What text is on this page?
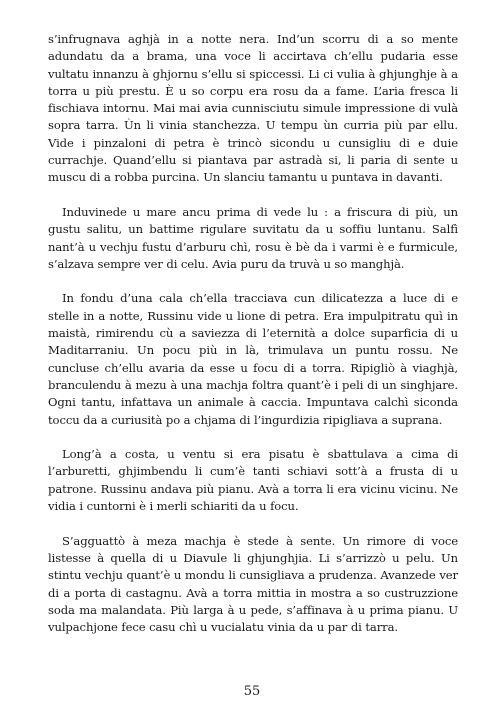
s’infrugnava aghjà in a notte nera. Ind’un scorru di a so mente adundatu da a brama, una voce li accirtava ch’ellu pudaria esse vultatu innanzu à ghjornu s’ellu si spiccessi. Li ci vulia à ghjunghje à a torra u più prestu. È u so corpu era rosu da a fame. L’aria fresca li fischiava intornu. Mai mai avia cunnisciutu simule impressione di vulà sopra tarra. Ùn li vinia stanchezza. U tempu ùn curria più par ellu. Vide i pinzaloni di petra è trincò sicondu u cunsigliu di e duie currachje. Quand’ellu si piantava par astradà si, li paria di sente u muscu di a robba purcina. Un slanciu tamantu u puntava in davanti.

Induvinede u mare ancu prima di vede lu : a friscura di più, un gustu salitu, un battime rigulare suvitatu da u soffiu luntanu. Salfì nant’à u vechju fustu d’arburu chì, rosu è bè da i varmi è e furmicule, s’alzava sempre ver di celu. Avia puru da truvà u so manghjà.

In fondu d’una cala ch’ella tracciava cun dilicatezza a luce di e stelle in a notte, Russinu vide u lione di petra. Era impulpitratu quì in maistà, rimirendu cù a saviezza di l’eternità a dolce suparficia di u Maditarraniu. Un pocu più in là, trimulava un puntu rossu. Ne cuncluse ch’ellu avaria da esse u focu di a torra. Ripigliò à viaghjà, branculendu à mezu à una machja foltra quant’è i peli di un singhjare. Ogni tantu, infattava un animale à caccia. Impuntava calchì siconda toccu da a curiusità po a chjama di l’ingurdizia ripigliava a suprana.

Long’à a costa, u ventu si era pisatu è sbattulava a cima di l’arburetti, ghjimbendu li cum’è tanti schiavi sott’à a frusta di u patrone. Russinu andava più pianu. Avà a torra li era vicinu vicinu. Ne vidia i cuntorni è i merli schiariti da u focu.

S’agguattò à meza machja è stede à sente. Un rimore di voce listesse à quella di u Diavule li ghjunghjia. Li s’arrizzò u pelu. Un stintu vechju quant’è u mondu li cunsigliava a prudenza. Avanzede ver di a porta di castagnu. Avà a torra mittia in mostra a so custruzzione soda ma malandata. Più larga à u pede, s’affinava à u prima pianu. U vulpachjone fece casu chì u vucialatu vinia da u par di tarra.

55
